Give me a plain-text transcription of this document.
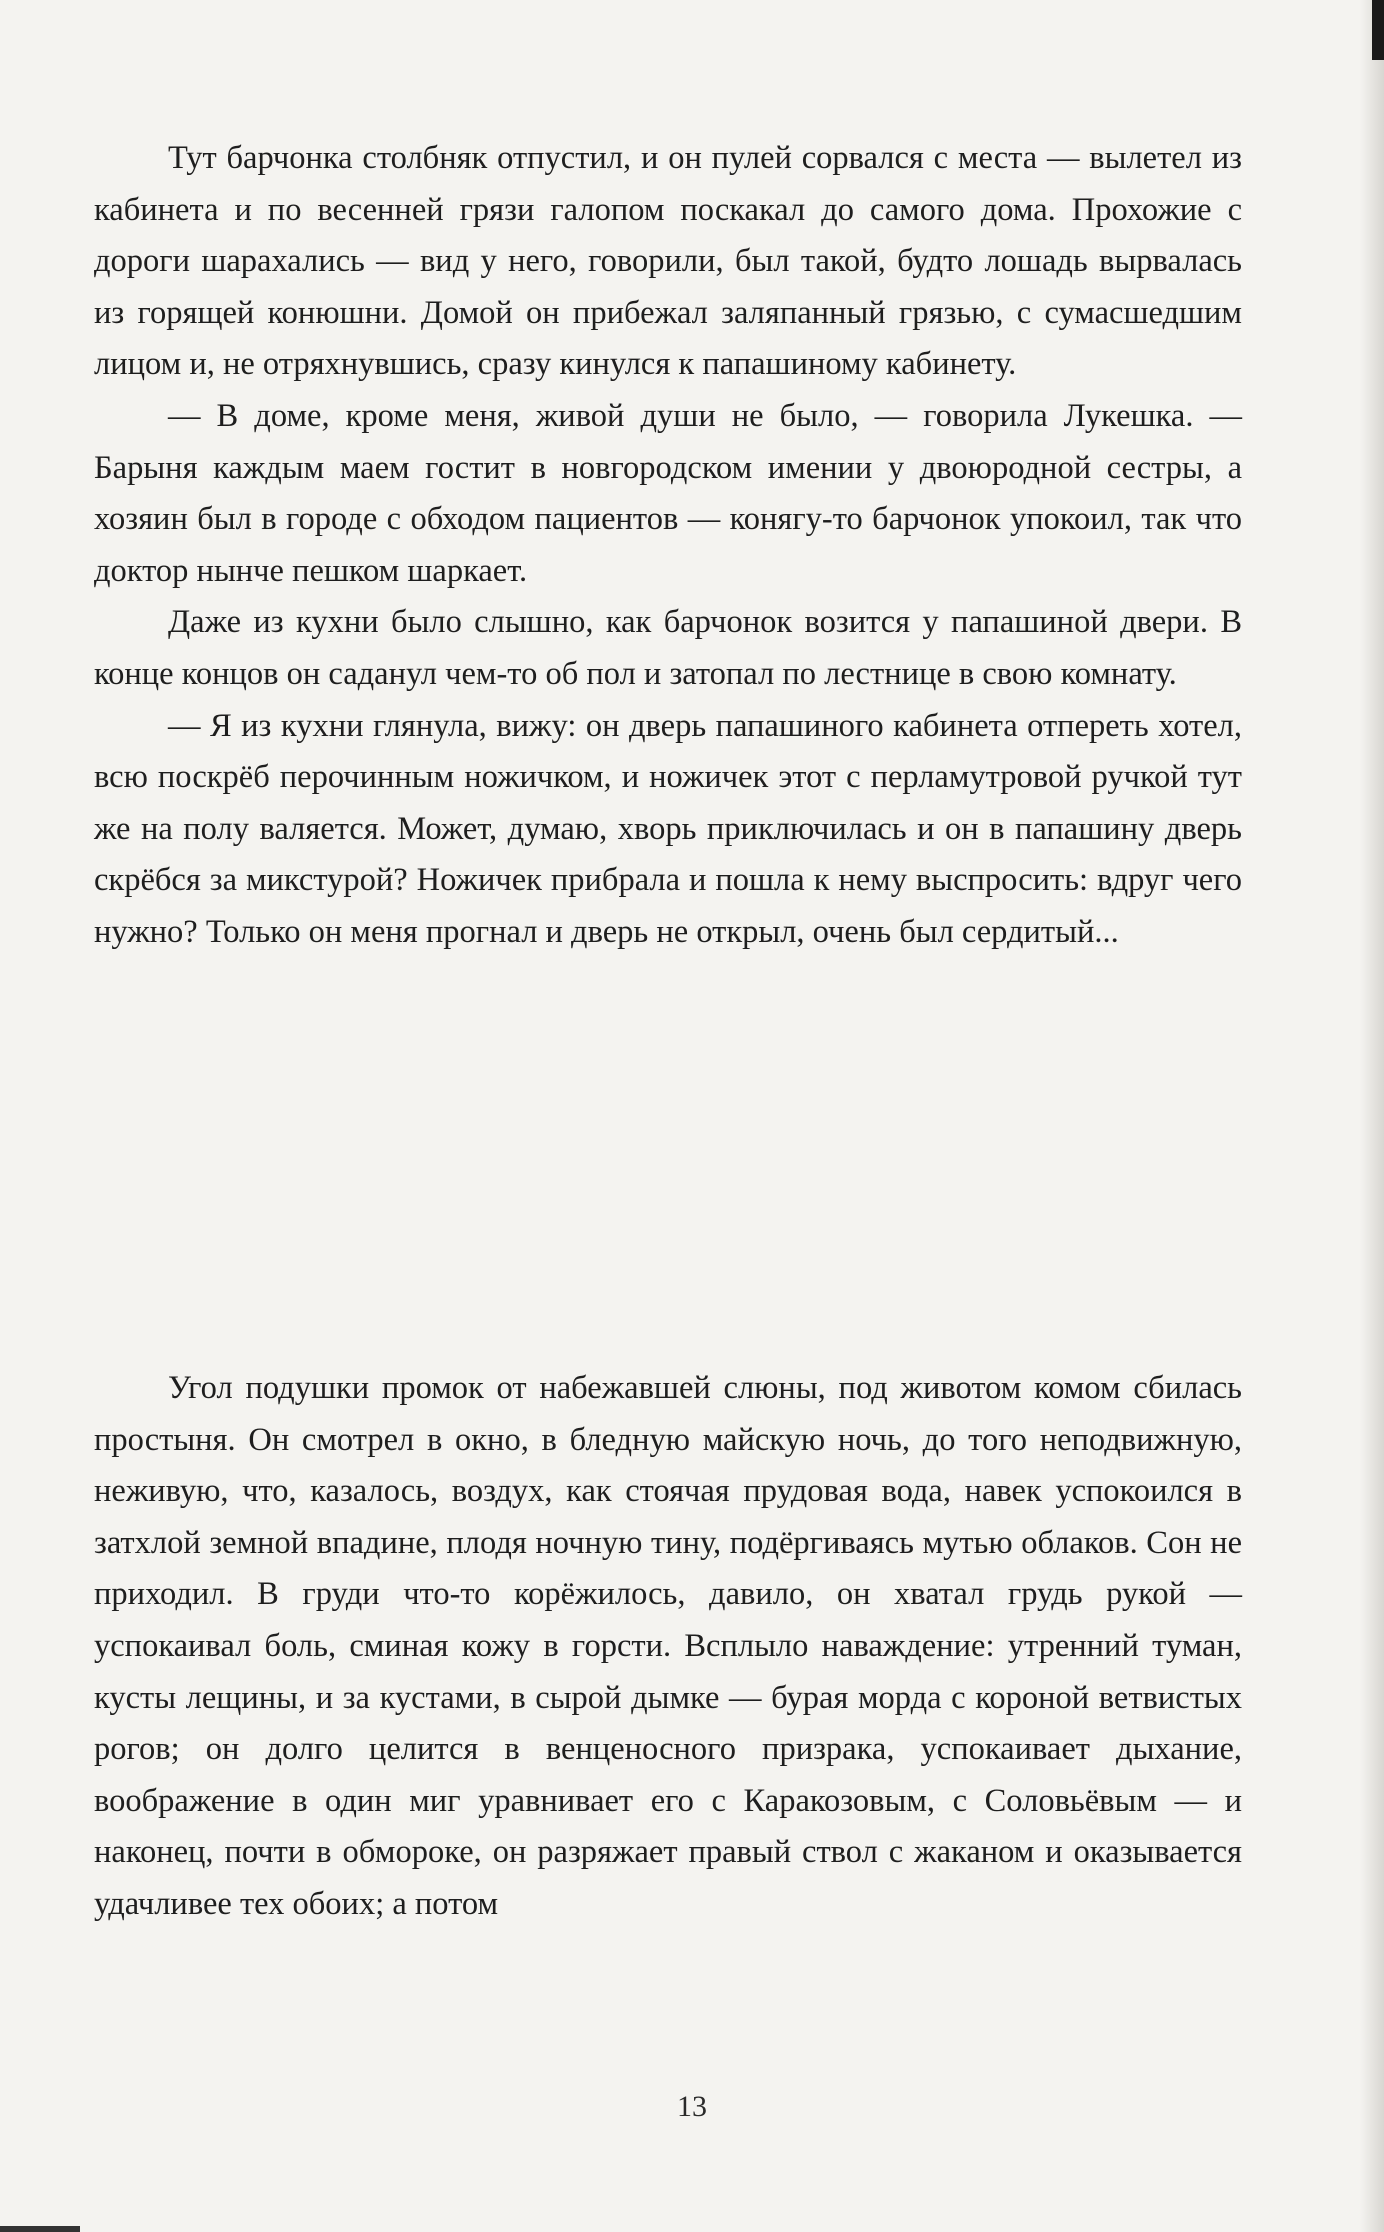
Тут барчонка столбняк отпустил, и он пулей сорвался с места — вылетел из кабинета и по весенней грязи галопом поскакал до самого дома. Прохожие с дороги шарахались — вид у него, говорили, был такой, будто лошадь вырвалась из горящей конюшни. Домой он прибежал заляпанный грязью, с сумасшедшим лицом и, не отряхнувшись, сразу кинулся к папашиному кабинету.

— В доме, кроме меня, живой души не было, — говорила Лукешка. — Барыня каждым маем гостит в новгородском имении у двоюродной сестры, а хозяин был в городе с обходом пациентов — конягу-то барчонок упокоил, так что доктор нынче пешком шаркает.

Даже из кухни было слышно, как барчонок возится у папашиной двери. В конце концов он саданул чем-то об пол и затопал по лестнице в свою комнату.

— Я из кухни глянула, вижу: он дверь папашиного кабинета отпереть хотел, всю поскрёб перочинным ножичком, и ножичек этот с перламутровой ручкой тут же на полу валяется. Может, думаю, хворь приключилась и он в папашину дверь скрёбся за микстурой? Ножичек прибрала и пошла к нему выспросить: вдруг чего нужно? Только он меня прогнал и дверь не открыл, очень был сердитый...

Угол подушки промок от набежавшей слюны, под животом комом сбилась простыня. Он смотрел в окно, в бледную майскую ночь, до того неподвижную, неживую, что, казалось, воздух, как стоячая прудовая вода, навек успокоился в затхлой земной впадине, плодя ночную тину, подёргиваясь мутью облаков. Сон не приходил. В груди что-то корёжилось, давило, он хватал грудь рукой — успокаивал боль, сминая кожу в горсти. Всплыло наваждение: утренний туман, кусты лещины, и за кустами, в сырой дымке — бурая морда с короной ветвистых рогов; он долго целится в венценосного призрака, успокаивает дыхание, воображение в один миг уравнивает его с Каракозовым, с Соловьёвым — и наконец, почти в обмороке, он разряжает правый ствол с жаканом и оказывается удачливее тех обоих; а потом

13
